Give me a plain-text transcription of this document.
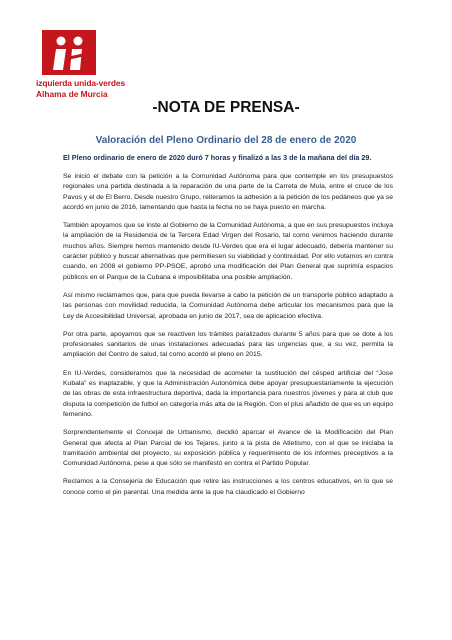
izquierda unida-verdes
Alhama de Murcia
-NOTA DE PRENSA-
Valoración del Pleno Ordinario del 28 de enero de 2020
El Pleno ordinario de enero de 2020 duró 7 horas y finalizó a las 3 de la mañana del día 29.

Se inició el debate con la petición a la Comunidad Autónoma para que contemple en los presupuestos regionales una partida destinada a la reparación de una parte de la Carreta de Mula, entre el cruce de los Pavos y el de El Berro. Desde nuestro Grupo, reiteramos la adhesión a la petición de los pedáneos que ya se acordó en junio de 2016, lamentando que hasta la fecha no se haya puesto en marcha.

También apoyamos que se inste al Gobierno de la Comunidad Autónoma, a que en sus presupuestos incluya la ampliación de la Residencia de la Tercera Edad Virgen del Rosario, tal como venimos haciendo durante muchos años. Siempre hemos mantenido desde IU-Verdes que era el lugar adecuado, debería mantener su carácter público y buscar alternativas que permitiesen su viabilidad y continuidad. Por ello votamos en contra cuando, en 2008 el gobierno PP-PSOE, aprobó una modificación del Plan General que suprimía espacios públicos en el Parque de la Cubana e imposibilitaba una posible ampliación.

Así mismo reclamamos que, para que pueda llevarse a cabo la petición de un transporte público adaptado a las personas con movilidad reducida, la Comunidad Autónoma debe articular los mecanismos para que la Ley de Accesibilidad Universal, aprobada en junio de 2017, sea de aplicación efectiva.

Por otra parte, apoyamos que se reactiven los trámites paralizados durante 5 años para que se dote a los profesionales sanitarios de unas instalaciones adecuadas para las urgencias que, a su vez, permita la ampliación del Centro de salud, tal como acordó el pleno en 2015.

En IU-Verdes, consideramos que la necesidad de acometer la sustitución del césped artificial del “Jose Kubala” es inaplazable, y que la Administración Autonómica debe apoyar presupuestariamente la ejecución de las obras de esta infraestructura deportiva, dada la importancia para nuestros jóvenes y para al club que disputa la competición de futbol en categoría más alta de la Región. Con el plus añadido de que es un equipo femenino.

Sorprendentemente el Concejal de Urbanismo, decidió aparcar el Avance de la Modificación del Plan General que afecta al Plan Parcial de los Tejares, junto a la pista de Atletismo, con el que se iniciaba la tramitación ambiental del proyecto, su exposición pública y requerimiento de los informes preceptivos a la Comunidad Autónoma, pese a que sólo se manifestó en contra el Partido Popular.

Reclamos a la Consejería de Educación que retire las instrucciones a los centros educativos, en lo que se conoce como el pin parental. Una medida ante la que ha claudicado el Gobierno
